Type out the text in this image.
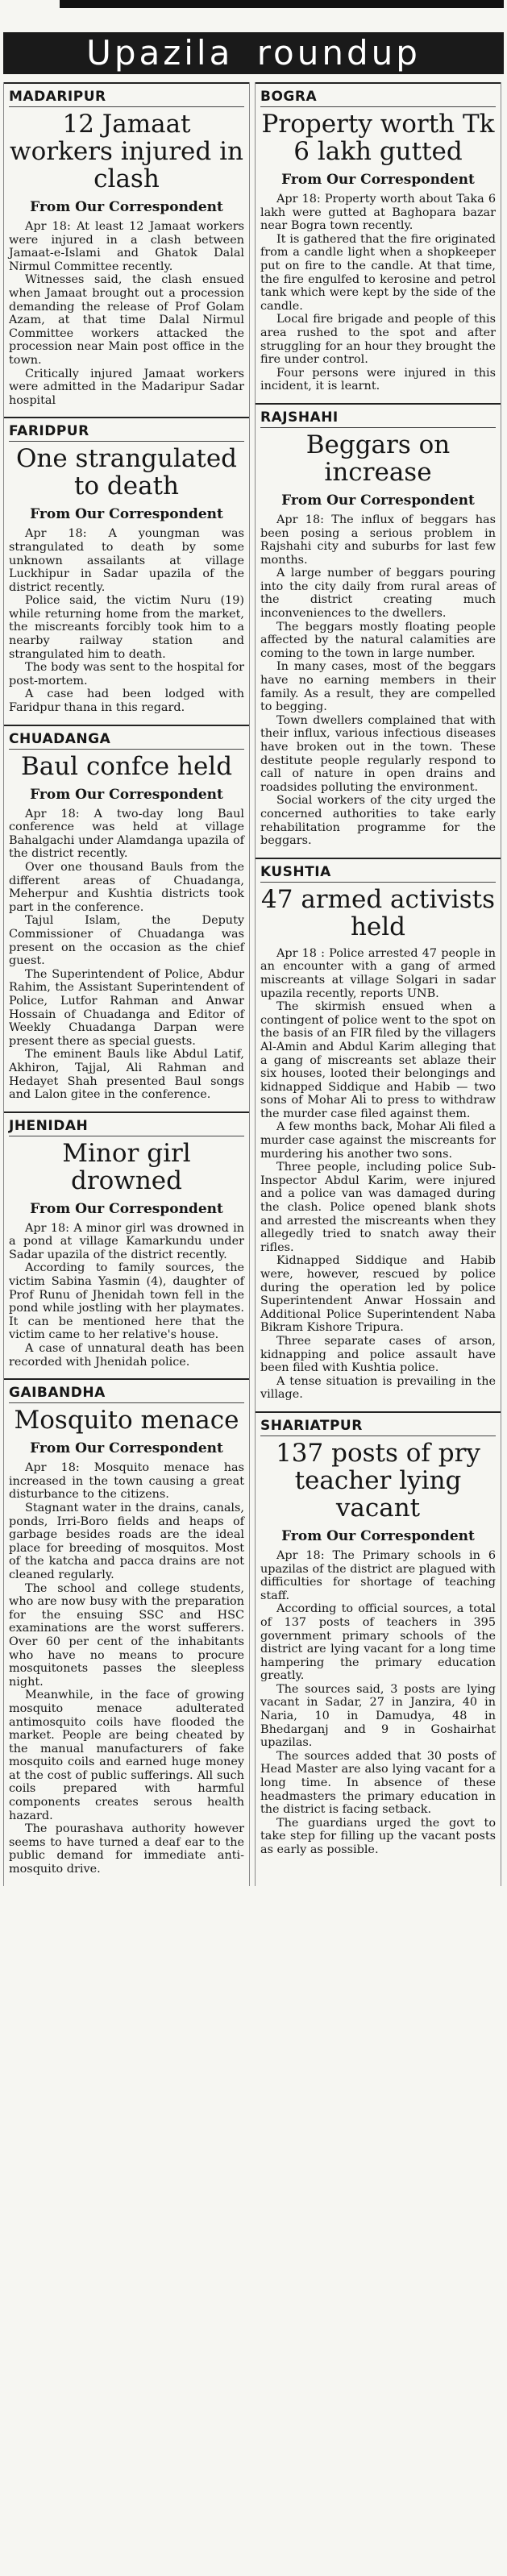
Upazila roundup
MADARIPUR
12 Jamaat workers injured in clash
From Our Correspondent

Apr 18: At least 12 Jamaat workers were injured in a clash between Jamaat-e-Islami and Ghatok Dalal Nirmul Committee recently.

Witnesses said, the clash ensued when Jamaat brought out a procession demanding the release of Prof Golam Azam, at that time Dalal Nirmul Committee workers attacked the procession near Main post office in the town.

Critically injured Jamaat workers were admitted in the Madaripur Sadar hospital

FARIDPUR
One strangulated to death
From Our Correspondent

Apr 18: A youngman was strangulated to death by some unknown assailants at village Luckhipur in Sadar upazila of the district recently.

Police said, the victim Nuru (19) while returning home from the market, the miscreants forcibly took him to a nearby railway station and strangulated him to death.

The body was sent to the hospital for post-mortem.

A case had been lodged with Faridpur thana in this regard.

CHUADANGA
Baul confce held
From Our Correspondent

Apr 18: A two-day long Baul conference was held at village Bahalgachi under Alamdanga upazila of the district recently.

Over one thousand Bauls from the different areas of Chuadanga, Meherpur and Kushtia districts took part in the conference.

Tajul Islam, the Deputy Commissioner of Chuadanga was present on the occasion as the chief guest.

The Superintendent of Police, Abdur Rahim, the Assistant Superintendent of Police, Lutfor Rahman and Anwar Hossain of Chuadanga and Editor of Weekly Chuadanga Darpan were present there as special guests.

The eminent Bauls like Abdul Latif, Akhiron, Tajjal, Ali Rahman and Hedayet Shah presented Baul songs and Lalon gitee in the conference.

JHENIDAH
Minor girl drowned
From Our Correspondent

Apr 18: A minor girl was drowned in a pond at village Kamarkundu under Sadar upazila of the district recently.

According to family sources, the victim Sabina Yasmin (4), daughter of Prof Runu of Jhenidah town fell in the pond while jostling with her playmates. It can be mentioned here that the victim came to her relative's house.

A case of unnatural death has been recorded with Jhenidah police.

GAIBANDHA
Mosquito menace
From Our Correspondent

Apr 18: Mosquito menace has increased in the town causing a great disturbance to the citizens.

Stagnant water in the drains, canals, ponds, Irri-Boro fields and heaps of garbage besides roads are the ideal place for breeding of mosquitos. Most of the katcha and pacca drains are not cleaned regularly.

The school and college students, who are now busy with the preparation for the ensuing SSC and HSC examinations are the worst sufferers. Over 60 per cent of the inhabitants who have no means to procure mosquitonets passes the sleepless night.

Meanwhile, in the face of growing mosquito menace adulterated antimosquito coils have flooded the market. People are being cheated by the manual manufacturers of fake mosquito coils and earned huge money at the cost of public sufferings. All such coils prepared with harmful components creates serous health hazard.

The pourashava authority however seems to have turned a deaf ear to the public demand for immediate anti-mosquito drive.

BOGRA
Property worth Tk 6 lakh gutted
From Our Correspondent

Apr 18: Property worth about Taka 6 lakh were gutted at Baghopara bazar near Bogra town recently.

It is gathered that the fire originated from a candle light when a shopkeeper put on fire to the candle. At that time, the fire engulfed to kerosine and petrol tank which were kept by the side of the candle.

Local fire brigade and people of this area rushed to the spot and after struggling for an hour they brought the fire under control.

Four persons were injured in this incident, it is learnt.

RAJSHAHI
Beggars on increase
From Our Correspondent

Apr 18: The influx of beggars has been posing a serious problem in Rajshahi city and suburbs for last few months.

A large number of beggars pouring into the city daily from rural areas of the district creating much inconveniences to the dwellers.

The beggars mostly floating people affected by the natural calamities are coming to the town in large number.

In many cases, most of the beggars have no earning members in their family. As a result, they are compelled to begging.

Town dwellers complained that with their influx, various infectious diseases have broken out in the town. These destitute people regularly respond to call of nature in open drains and roadsides polluting the environment.

Social workers of the city urged the concerned authorities to take early rehabilitation programme for the beggars.

KUSHTIA
47 armed activists held

Apr 18 : Police arrested 47 people in an encounter with a gang of armed miscreants at village Solgari in sadar upazila recently, reports UNB.

The skirmish ensued when a contingent of police went to the spot on the basis of an FIR filed by the villagers Al-Amin and Abdul Karim alleging that a gang of miscreants set ablaze their six houses, looted their belongings and kidnapped Siddique and Habib — two sons of Mohar Ali to press to withdraw the murder case filed against them.

A few months back, Mohar Ali filed a murder case against the miscreants for murdering his another two sons.

Three people, including police Sub-Inspector Abdul Karim, were injured and a police van was damaged during the clash. Police opened blank shots and arrested the miscreants when they allegedly tried to snatch away their rifles.

Kidnapped Siddique and Habib were, however, rescued by police during the operation led by police Superintendent Anwar Hossain and Additional Police Superintendent Naba Bikram Kishore Tripura.

Three separate cases of arson, kidnapping and police assault have been filed with Kushtia police.

A tense situation is prevailing in the village.

SHARIATPUR
137 posts of pry teacher lying vacant
From Our Correspondent

Apr 18: The Primary schools in 6 upazilas of the district are plagued with difficulties for shortage of teaching staff.

According to official sources, a total of 137 posts of teachers in 395 government primary schools of the district are lying vacant for a long time hampering the primary education greatly.

The sources said, 3 posts are lying vacant in Sadar, 27 in Janzira, 40 in Naria, 10 in Damudya, 48 in Bhedarganj and 9 in Goshairhat upazilas.

The sources added that 30 posts of Head Master are also lying vacant for a long time. In absence of these headmasters the primary education in the district is facing setback.

The guardians urged the govt to take step for filling up the vacant posts as early as possible.
